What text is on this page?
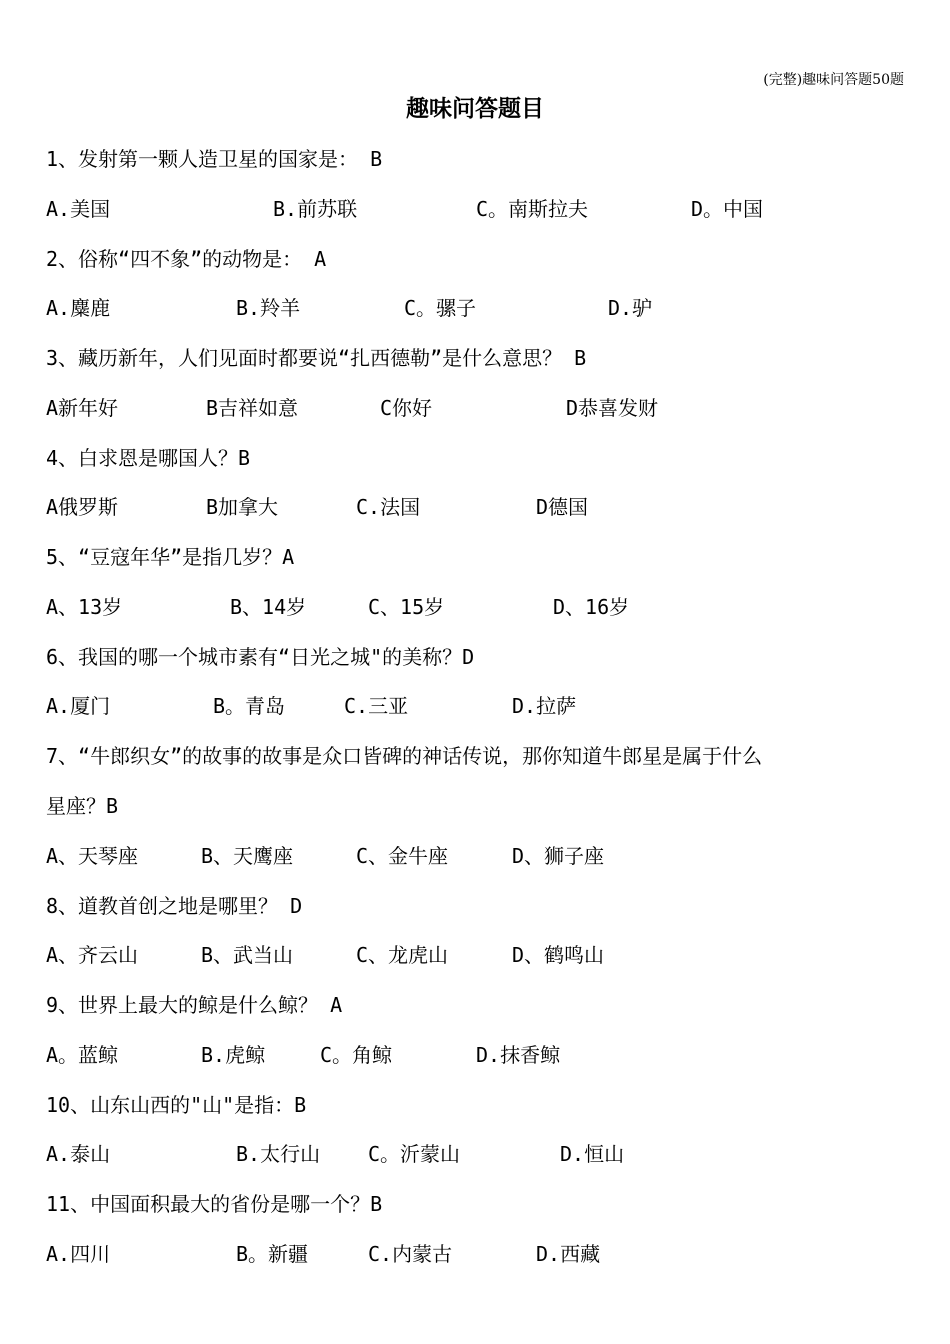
(完整)趣味问答题50题
趣味问答题目
1、发射第一颗人造卫星的国家是： B
A.美国	B.前苏联	C。南斯拉夫	D。中国
2、俗称“四不象”的动物是： A
A.麋鹿	B.羚羊	C。骡子	D.驴
3、藏历新年，人们见面时都要说“扎西德勒”是什么意思？ B
A新年好	B吉祥如意	C你好	D恭喜发财
4、白求恩是哪国人？B
A俄罗斯	B加拿大	C.法国	D德国
5、“豆寇年华”是指几岁？A
A、13岁	B、14岁	C、15岁	D、16岁
6、我国的哪一个城市素有“日光之城"的美称？D
A.厦门	B。青岛	C.三亚	D.拉萨
7、“牛郎织女”的故事的故事是众口皆碑的神话传说，那你知道牛郎星是属于什么
星座？B
A、天琴座	B、天鹰座	C、金牛座	D、狮子座
8、道教首创之地是哪里？ D
A、齐云山	B、武当山	C、龙虎山	D、鹤鸣山
9、世界上最大的鲸是什么鲸？ A
A。蓝鲸	B.虎鲸	C。角鲸	D.抹香鲸
10、山东山西的"山"是指：B
A.泰山	B.太行山 C。沂蒙山	D.恒山
11、中国面积最大的省份是哪一个？B
A.四川	B。新疆	C.内蒙古	D.西藏
